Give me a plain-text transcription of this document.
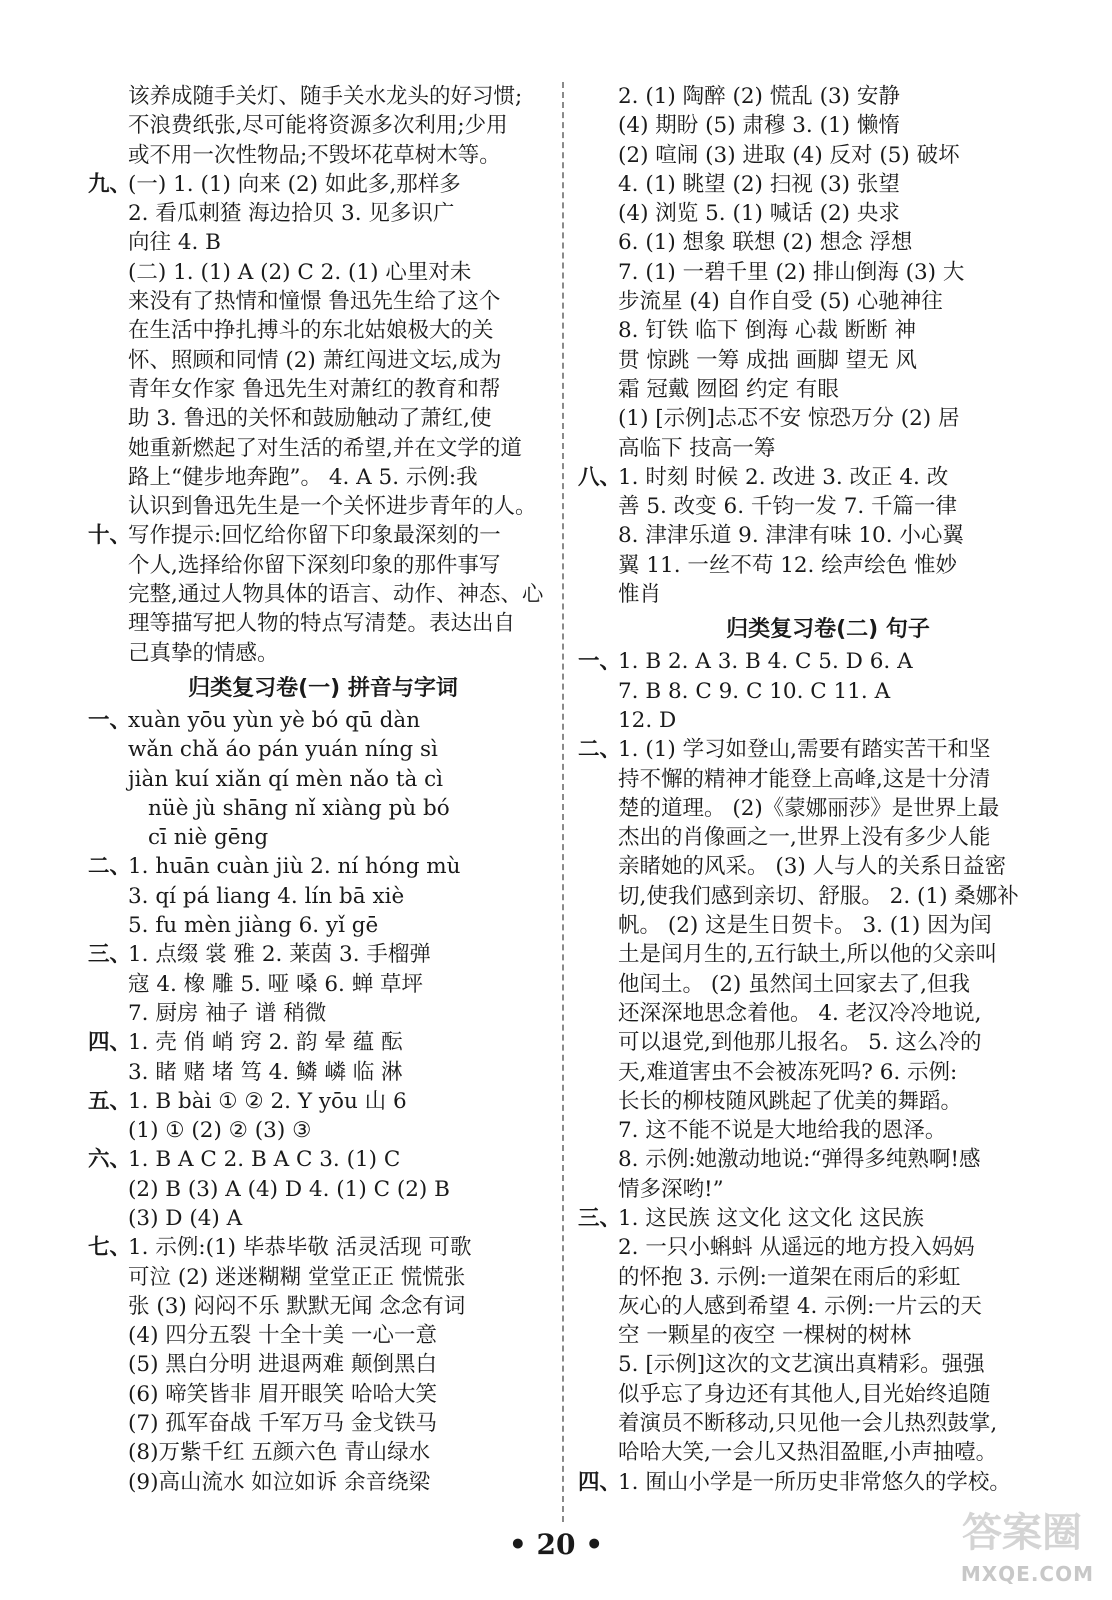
该养成随手关灯、随手关水龙头的好习惯;
不浪费纸张,尽可能将资源多次利用;少用
或不用一次性物品;不毁坏花草树木等。
九、(一) 1. (1) 向来 (2) 如此多,那样多
2. 看瓜刺猹 海边拾贝 3. 见多识广
向往 4. B
(二) 1. (1) A (2) C 2. (1) 心里对未
来没有了热情和憧憬 鲁迅先生给了这个
在生活中挣扎搏斗的东北姑娘极大的关
怀、照顾和同情 (2) 萧红闯进文坛,成为
青年女作家 鲁迅先生对萧红的教育和帮
助 3. 鲁迅的关怀和鼓励触动了萧红,使
她重新燃起了对生活的希望,并在文学的道
路上“健步地奔跑”。 4. A 5. 示例:我
认识到鲁迅先生是一个关怀进步青年的人。
十、写作提示:回忆给你留下印象最深刻的一
个人,选择给你留下深刻印象的那件事写
完整,通过人物具体的语言、动作、神态、心
理等描写把人物的特点写清楚。表达出自
己真挚的情感。
归类复习卷(一) 拼音与字词
一、xuàn yōu yùn yè bó qū dàn
wǎn chǎ áo pán yuán níng sì
jiàn kuí xiǎn qí mèn nǎo tà cì
nüè jù shāng nǐ xiàng pù bó
cī niè gēng
二、1. huān cuàn jiù 2. ní hóng mù
3. qí pá liang 4. lín bā xiè
5. fu mèn jiàng 6. yǐ gē
三、1. 点缀 裳 雅 2. 莱茵 3. 手榴弹
寇 4. 橡 雕 5. 哑 嗓 6. 蝉 草坪
7. 厨房 袖子 谱 稍微
四、1. 壳 俏 峭 窍 2. 韵 晕 蕴 酝
3. 睹 赌 堵 笃 4. 鳞 嶙 临 淋
五、1. B bài ① ② 2. Y yōu 山 6
(1) ① (2) ② (3) ③
六、1. B A C 2. B A C 3. (1) C
(2) B (3) A (4) D 4. (1) C (2) B
(3) D (4) A
七、1. 示例:(1) 毕恭毕敬 活灵活现 可歌
可泣 (2) 迷迷糊糊 堂堂正正 慌慌张
张 (3) 闷闷不乐 默默无闻 念念有词
(4) 四分五裂 十全十美 一心一意
(5) 黑白分明 进退两难 颠倒黑白
(6) 啼笑皆非 眉开眼笑 哈哈大笑
(7) 孤军奋战 千军万马 金戈铁马
(8)万紫千红 五颜六色 青山绿水
(9)高山流水 如泣如诉 余音绕梁
2. (1) 陶醉 (2) 慌乱 (3) 安静
(4) 期盼 (5) 肃穆 3. (1) 懒惰
(2) 喧闹 (3) 进取 (4) 反对 (5) 破坏
4. (1) 眺望 (2) 扫视 (3) 张望
(4) 浏览 5. (1) 喊话 (2) 央求
6. (1) 想象 联想 (2) 想念 浮想
7. (1) 一碧千里 (2) 排山倒海 (3) 大
步流星 (4) 自作自受 (5) 心驰神往
8. 钉铁 临下 倒海 心裁 断断 神
贯 惊跳 一筹 成拙 画脚 望无 风
霜 冠戴 囫囵 约定 有眼
(1) [示例]忐忑不安 惊恐万分 (2) 居
高临下 技高一筹
八、1. 时刻 时候 2. 改进 3. 改正 4. 改
善 5. 改变 6. 千钧一发 7. 千篇一律
8. 津津乐道 9. 津津有味 10. 小心翼
翼 11. 一丝不苟 12. 绘声绘色 惟妙
惟肖
归类复习卷(二) 句子
一、1. B 2. A 3. B 4. C 5. D 6. A
7. B 8. C 9. C 10. C 11. A
12. D
二、1. (1) 学习如登山,需要有踏实苦干和坚
持不懈的精神才能登上高峰,这是十分清
楚的道理。 (2)《蒙娜丽莎》是世界上最
杰出的肖像画之一,世界上没有多少人能
亲睹她的风采。 (3) 人与人的关系日益密
切,使我们感到亲切、舒服。 2. (1) 桑娜补
帆。 (2) 这是生日贺卡。 3. (1) 因为闰
土是闰月生的,五行缺土,所以他的父亲叫
他闰土。 (2) 虽然闰土回家去了,但我
还深深地思念着他。 4. 老汉冷冷地说,
可以退党,到他那儿报名。 5. 这么冷的
天,难道害虫不会被冻死吗? 6. 示例:
长长的柳枝随风跳起了优美的舞蹈。
7. 这不能不说是大地给我的恩泽。
8. 示例:她激动地说:“弹得多纯熟啊!感
情多深哟!”
三、1. 这民族 这文化 这文化 这民族
2. 一只小蝌蚪 从遥远的地方投入妈妈
的怀抱 3. 示例:一道架在雨后的彩虹
灰心的人感到希望 4. 示例:一片云的天
空 一颗星的夜空 一棵树的树林
5. [示例]这次的文艺演出真精彩。强强
似乎忘了身边还有其他人,目光始终追随
着演员不断移动,只见他一会儿热烈鼓掌,
哈哈大笑,一会儿又热泪盈眶,小声抽噎。
四、1. 囿山小学是一所历史非常悠久的学校。
• 20 •	答案圈
MXQE.COM
